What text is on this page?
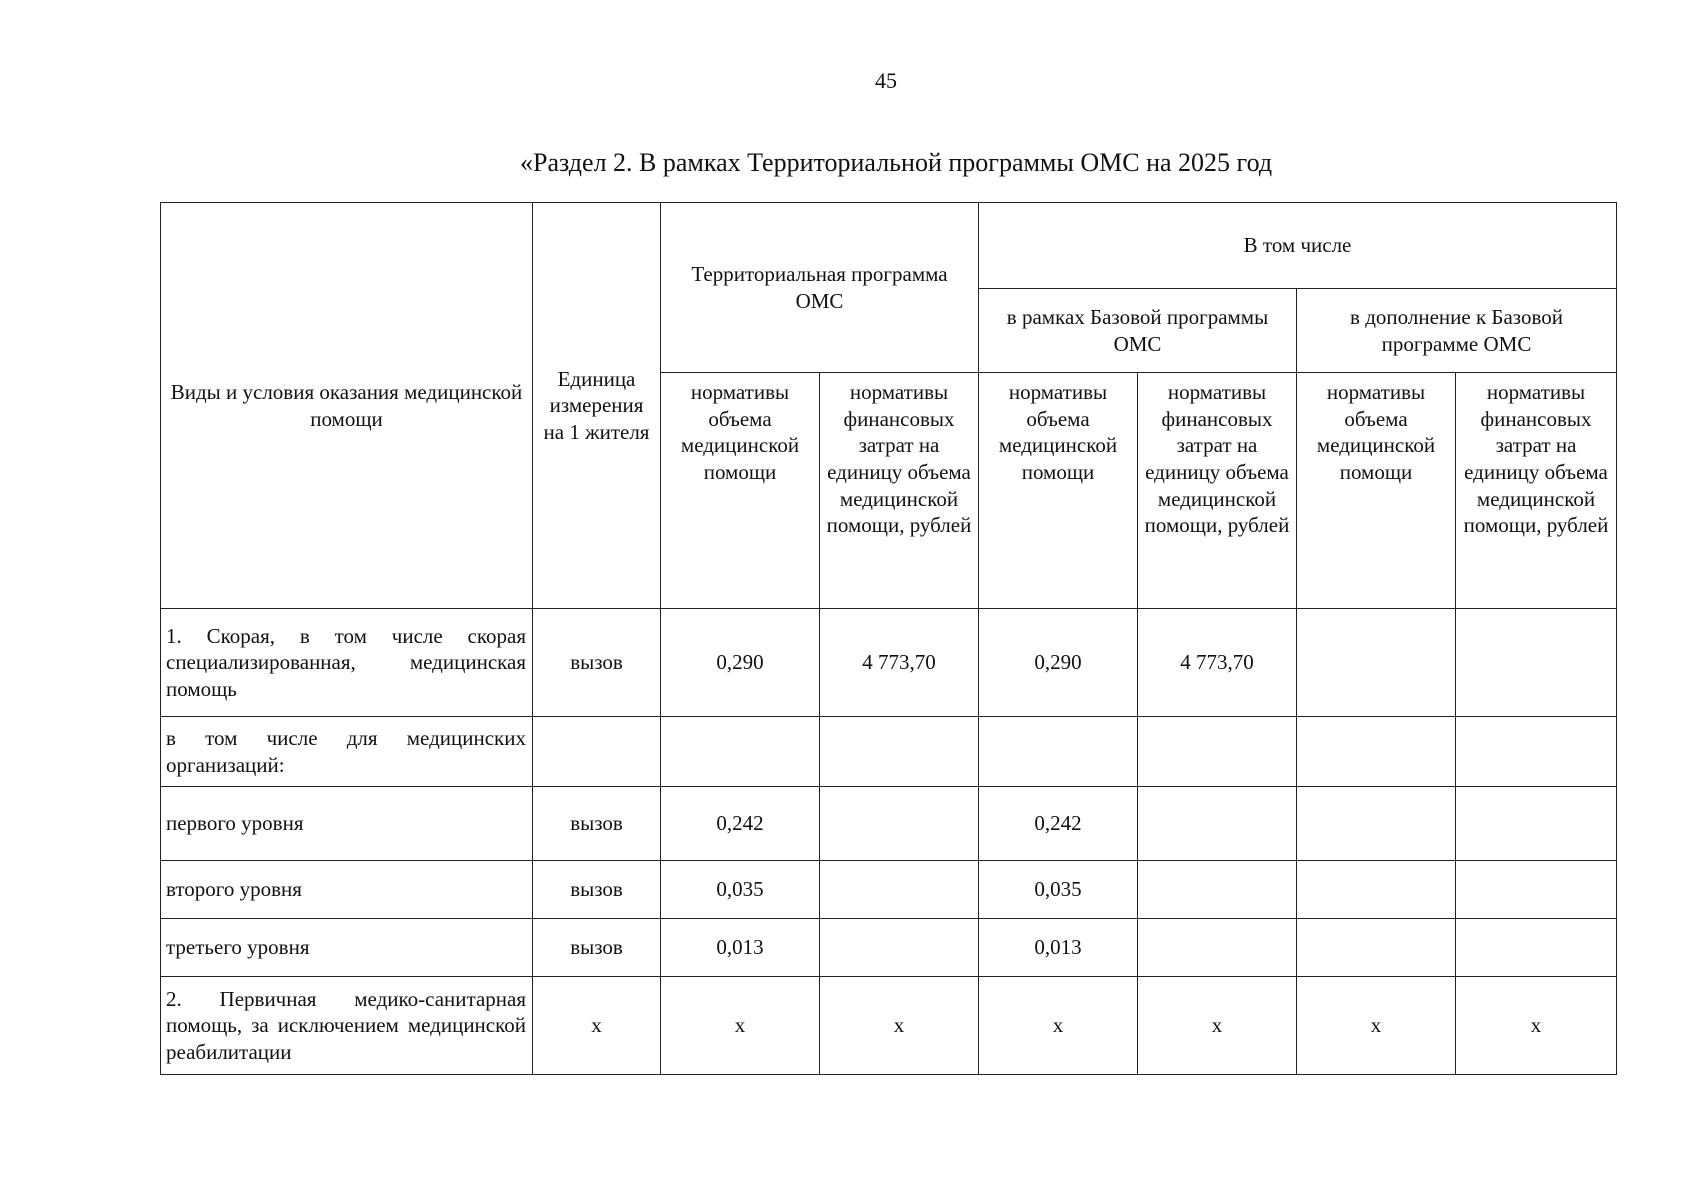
45
«Раздел 2. В рамках Территориальной программы ОМС на 2025 год
Виды и условия оказания медицинской помощи	Единица измерения на 1 жителя	Территориальная программа ОМС		В том числе			
				в рамках Базовой программы ОМС		в дополнение к Базовой программе ОМС	
		нормативы объема медицинской помощи	нормативы финансовых затрат на единицу объема медицинской помощи, рублей	нормативы объема медицинской помощи	нормативы финансовых затрат на единицу объема медицинской помощи, рублей	нормативы объема медицинской помощи	нормативы финансовых затрат на единицу объема медицинской помощи, рублей
1. Скорая, в том числе скорая специализированная, медицинская помощь	вызов	0,290	4 773,70	0,290	4 773,70		
в том числе для медицинских организаций:							
первого уровня	вызов	0,242		0,242			
второго уровня	вызов	0,035		0,035			
третьего уровня	вызов	0,013		0,013			
2. Первичная медико-санитарная помощь, за исключением медицинской реабилитации	х	х	х	х	х	х	х
